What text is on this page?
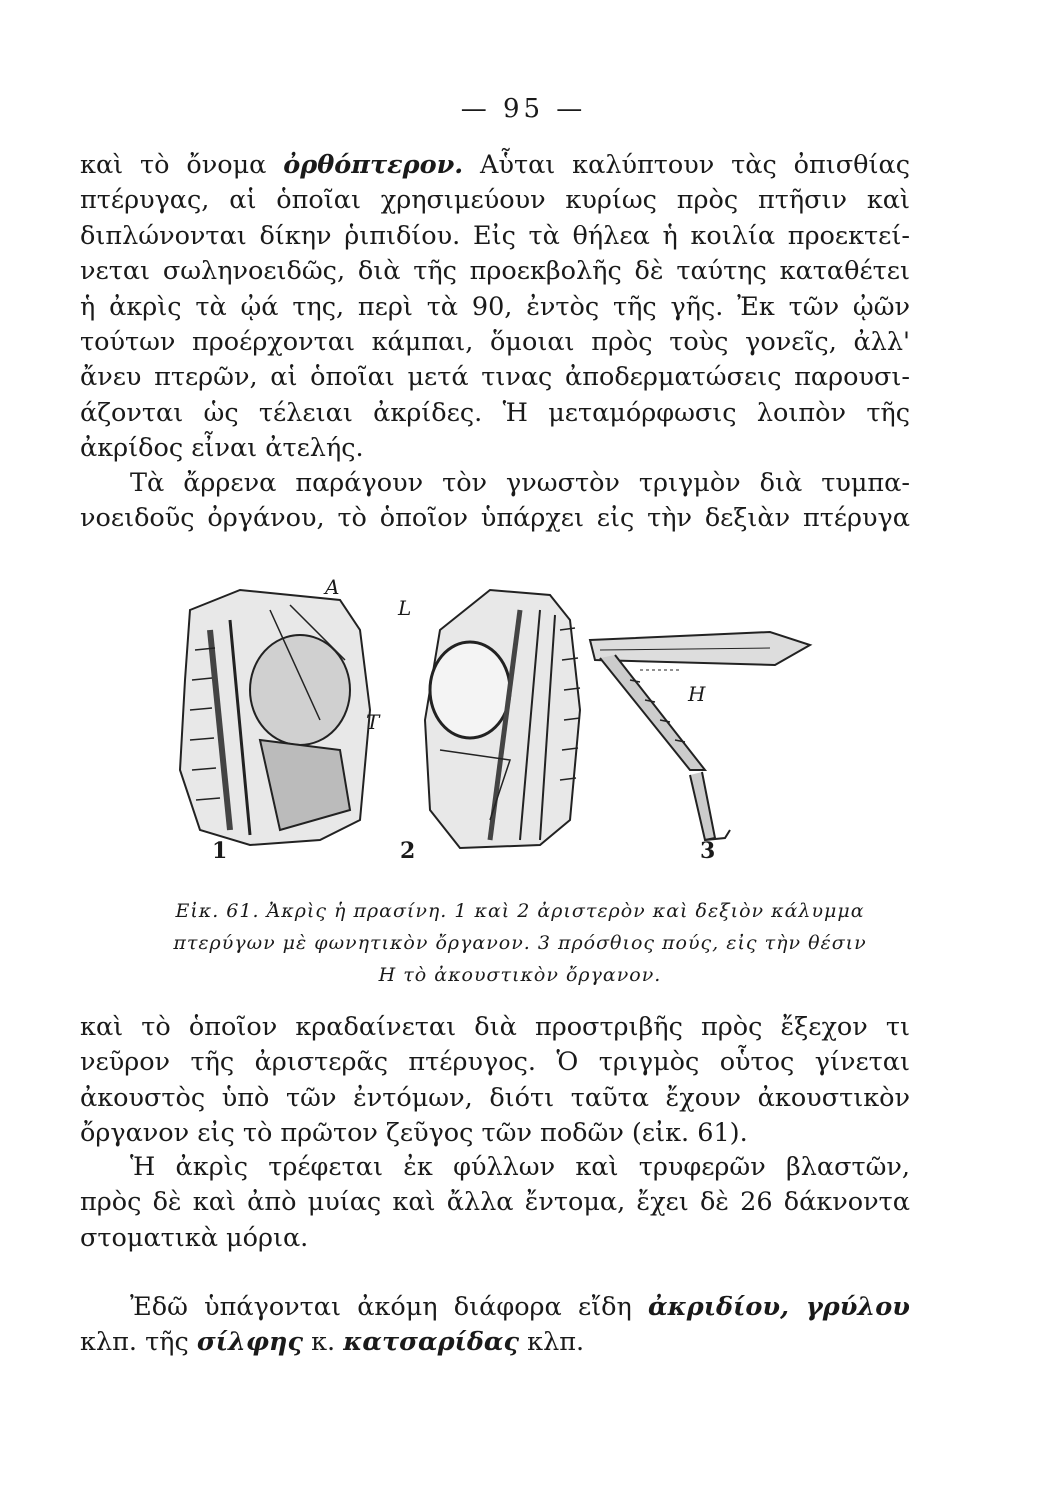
— 95 —

καὶ τὸ ὄνομα ὀρθόπτερον. Αὗται καλύπτουν τὰς ὀπισθίας
πτέρυγας, αἱ ὁποῖαι χρησιμεύουν κυρίως πρὸς πτῆσιν καὶ
διπλώνονται δίκην ῥιπιδίου. Εἰς τὰ θήλεα ἡ κοιλία προεκτεί-
νεται σωληνοειδῶς, διὰ τῆς προεκβολῆς δὲ ταύτης καταθέτει
ἡ ἀκρὶς τὰ ᾠά της, περὶ τὰ 90, ἐντὸς τῆς γῆς. Ἐκ τῶν ᾠῶν
τούτων προέρχονται κάμπαι, ὅμοιαι πρὸς τοὺς γονεῖς, ἀλλ'
ἄνευ πτερῶν, αἱ ὁποῖαι μετά τινας ἀποδερματώσεις παρουσι-
άζονται ὡς τέλειαι ἀκρίδες. Ἡ μεταμόρφωσις λοιπὸν τῆς
ἀκρίδος εἶναι ἀτελής.

Τὰ ἄρρενα παράγουν τὸν γνωστὸν τριγμὸν διὰ τυμπα-
νοειδοῦς ὀργάνου, τὸ ὁποῖον ὑπάρχει εἰς τὴν δεξιὰν πτέρυγα

A
L
T
H
1	2	3
Εἰκ. 61. Ἀκρὶς ἡ πρασίνη. 1 καὶ 2 ἀριστερὸν καὶ δεξιὸν κάλυμμα
πτερύγων μὲ φωνητικὸν ὄργανον. 3 πρόσθιος πούς, εἰς τὴν θέσιν
H τὸ ἀκουστικὸν ὄργανον.

καὶ τὸ ὁποῖον κραδαίνεται διὰ προστριβῆς πρὸς ἔξεχον τι
νεῦρον τῆς ἀριστερᾶς πτέρυγος. Ὁ τριγμὸς οὗτος γίνεται
ἀκουστὸς ὑπὸ τῶν ἐντόμων, διότι ταῦτα ἔχουν ἀκουστικὸν
ὄργανον εἰς τὸ πρῶτον ζεῦγος τῶν ποδῶν (εἰκ. 61).

Ἡ ἀκρὶς τρέφεται ἐκ φύλλων καὶ τρυφερῶν βλαστῶν,
πρὸς δὲ καὶ ἀπὸ μυίας καὶ ἄλλα ἔντομα, ἔχει δὲ 26 δάκνοντα
στοματικὰ μόρια.

Ἐδῶ ὑπάγονται ἀκόμη διάφορα εἴδη ἀκριδίου, γρύλου
κλπ. τῆς σίλφης κ. κατσαρίδας κλπ.
